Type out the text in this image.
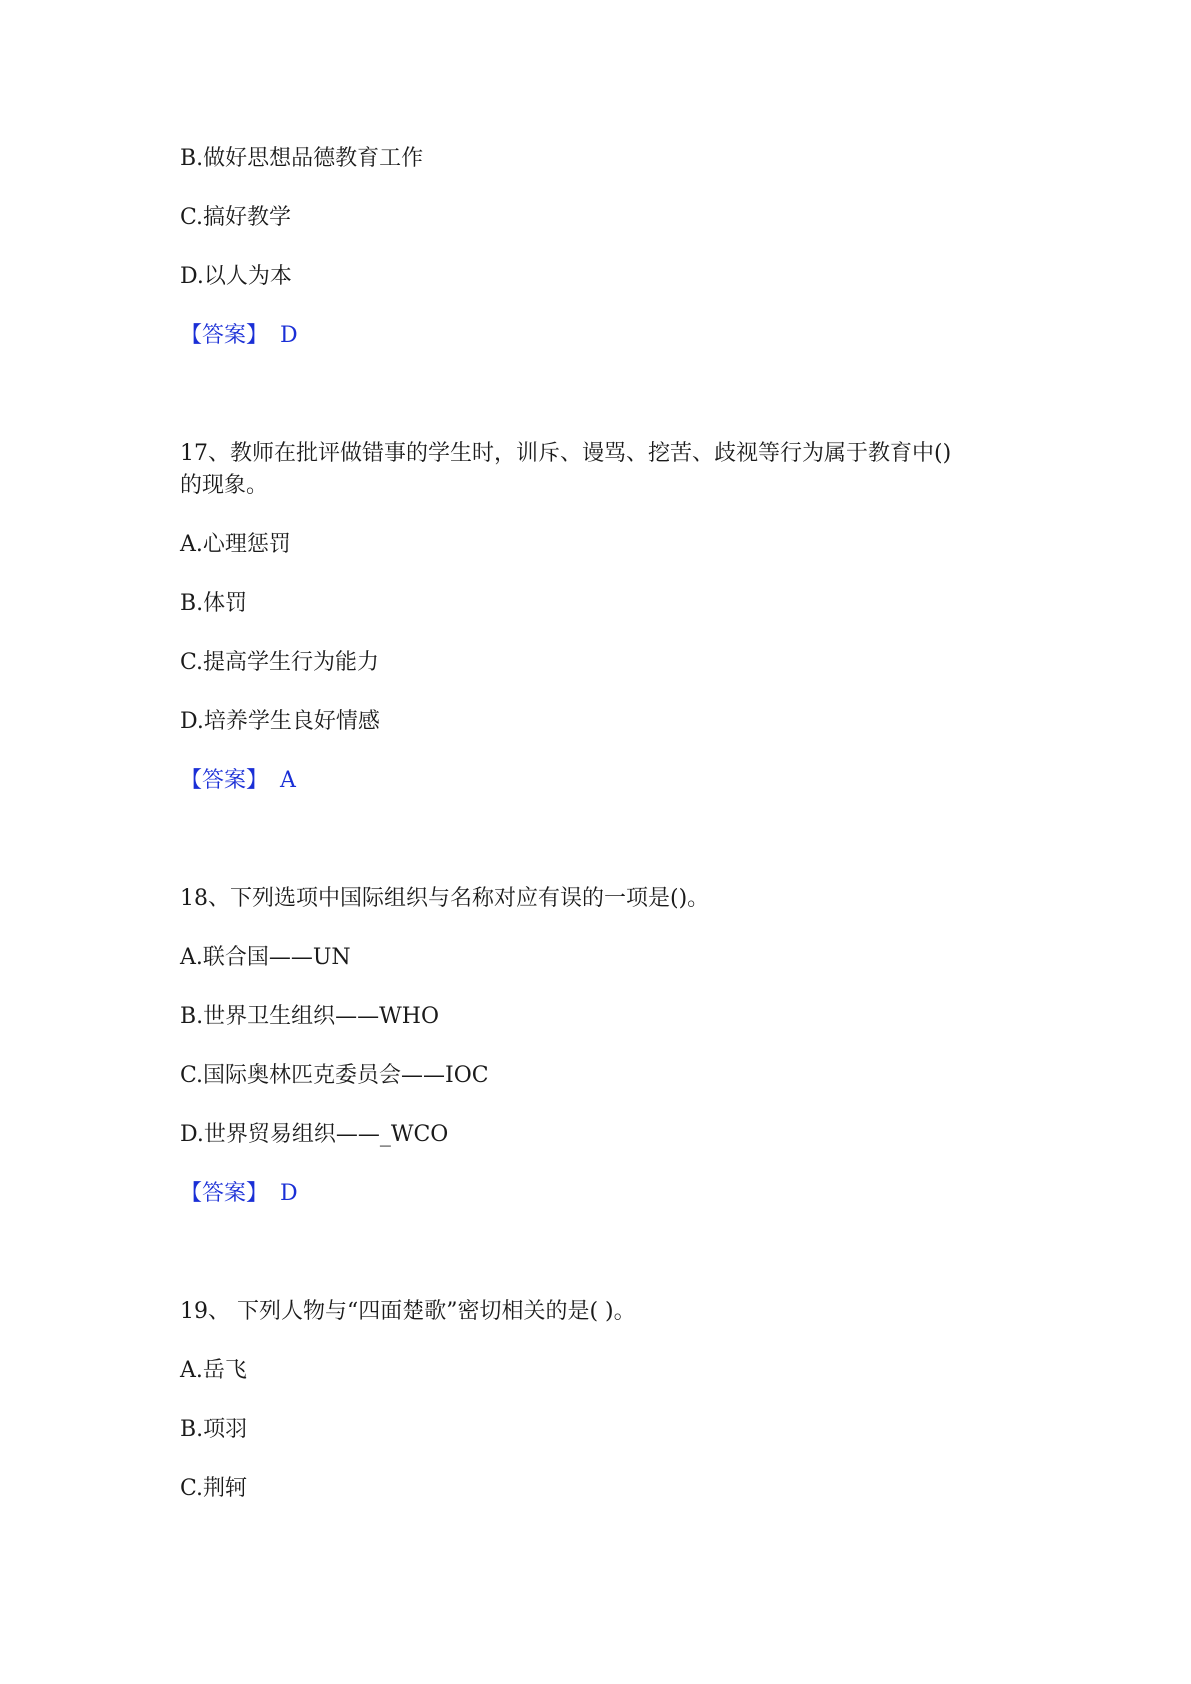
B.做好思想品德教育工作
C.搞好教学
D.以人为本
【答案】 D
17、教师在批评做错事的学生时，训斥、谩骂、挖苦、歧视等行为属于教育中()
的现象。
A.心理惩罚
B.体罚
C.提高学生行为能力
D.培养学生良好情感
【答案】 A
18、下列选项中国际组织与名称对应有误的一项是()。
A.联合国——UN
B.世界卫生组织——WHO
C.国际奥林匹克委员会——IOC
D.世界贸易组织——_WCO
【答案】 D
19、 下列人物与“四面楚歌”密切相关的是( )。
A.岳飞
B.项羽
C.荆轲
